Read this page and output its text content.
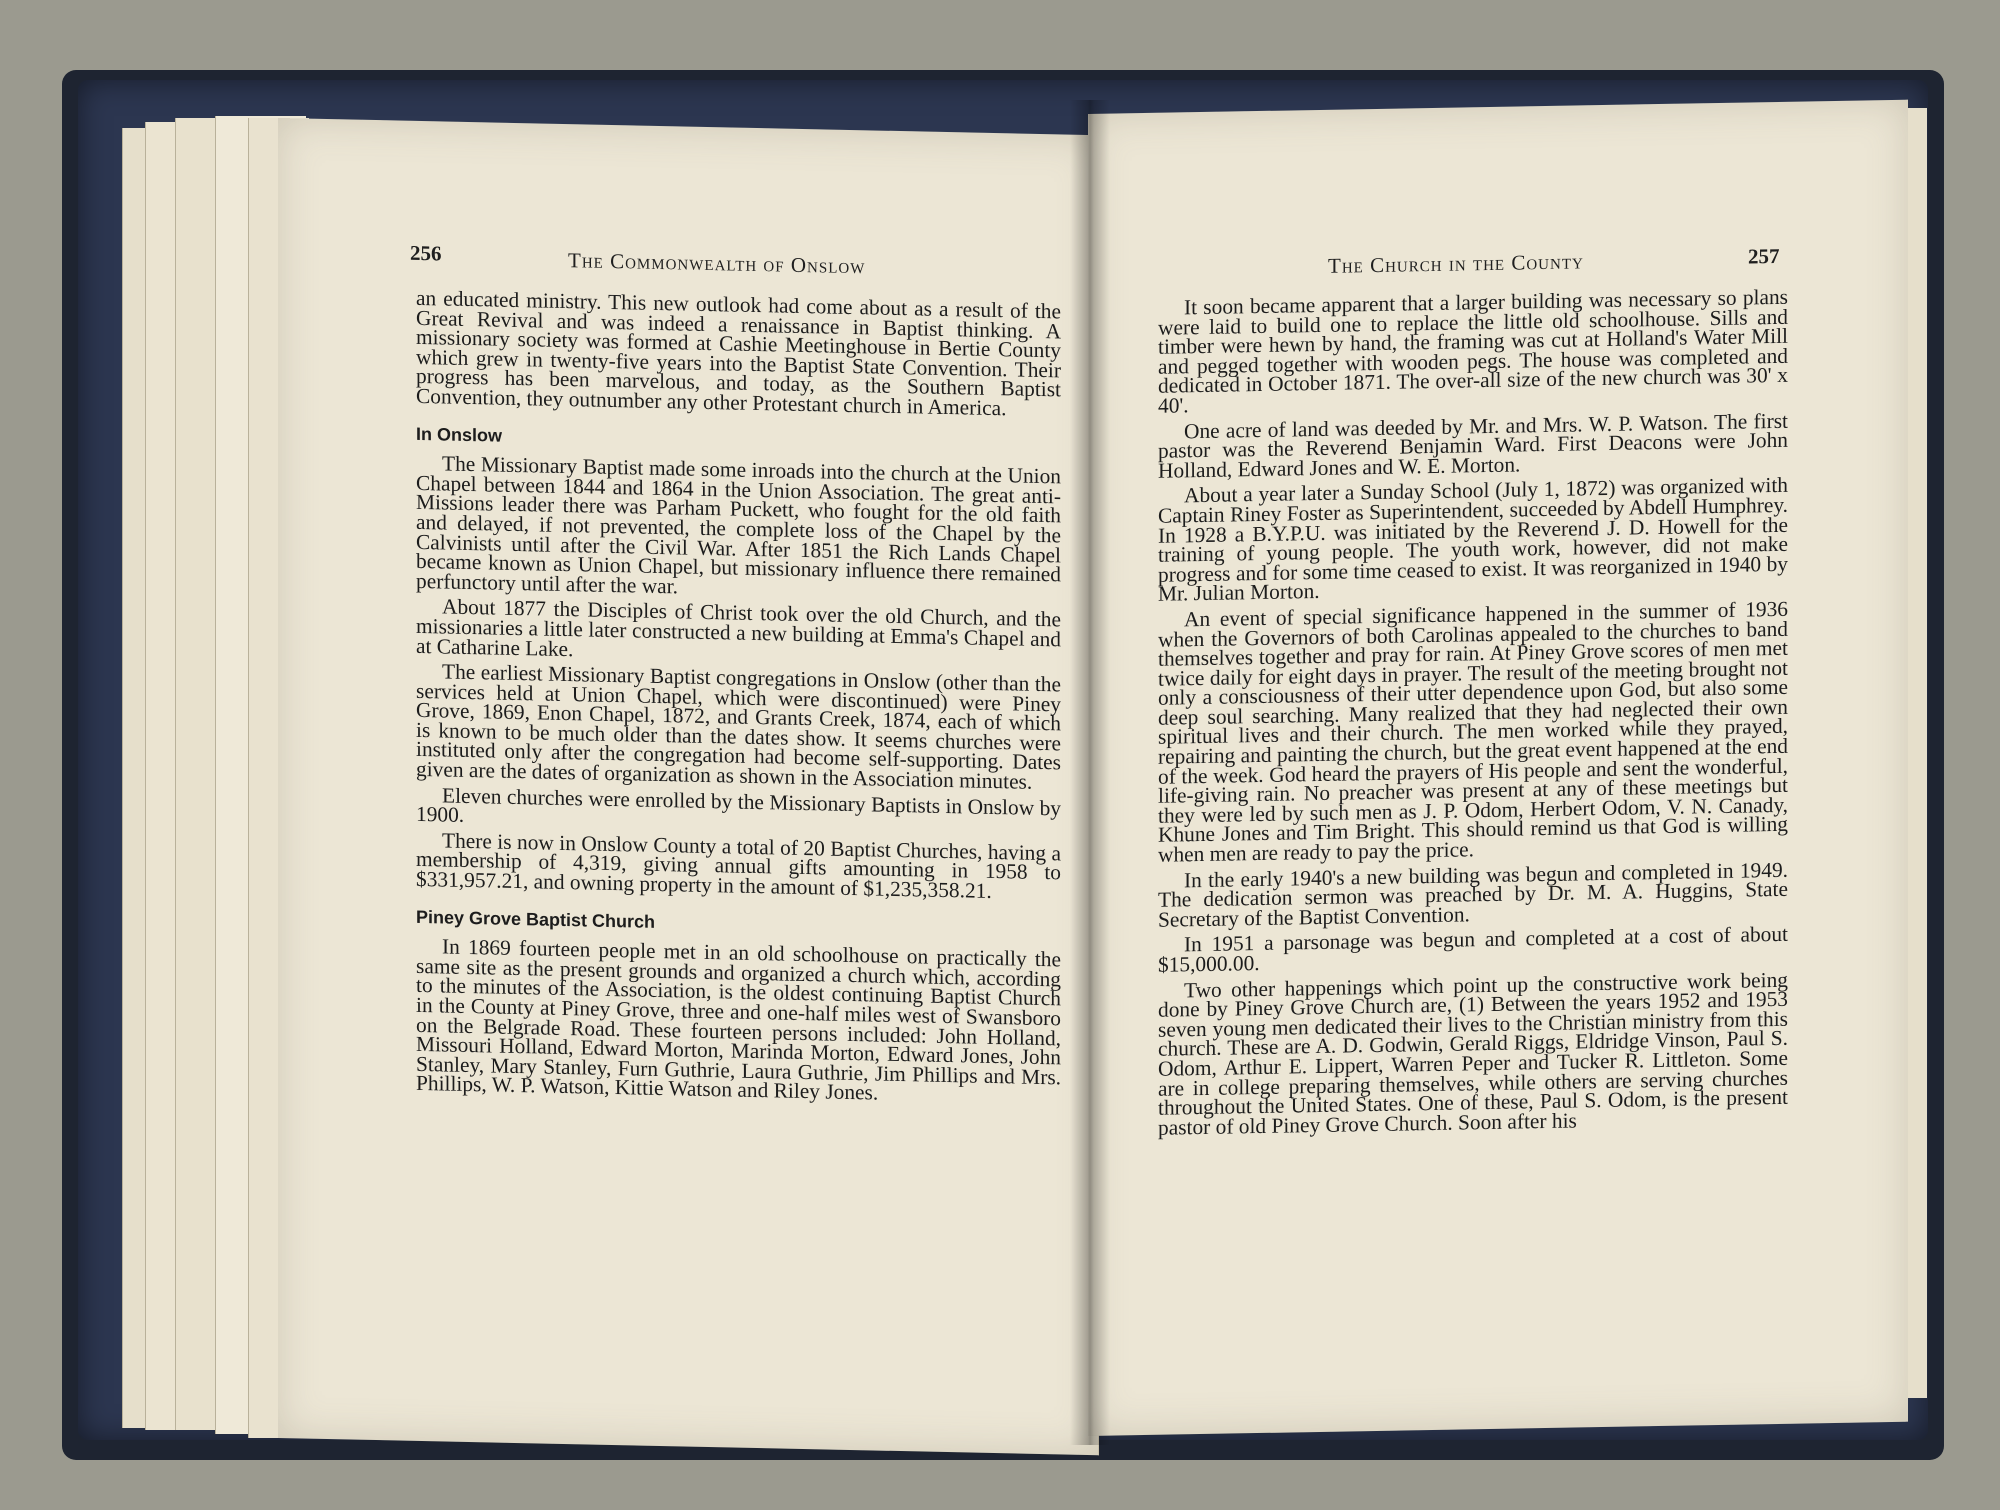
256	The Commonwealth of Onslow

an educated ministry. This new outlook had come about as a result of the Great Revival and was indeed a renaissance in Baptist thinking. A missionary society was formed at Cashie Meetinghouse in Bertie County which grew in twenty-five years into the Baptist State Convention. Their progress has been marvelous, and today, as the Southern Baptist Convention, they outnumber any other Protestant church in America.

In Onslow

The Missionary Baptist made some inroads into the church at the Union Chapel between 1844 and 1864 in the Union Association. The great anti-Missions leader there was Parham Puckett, who fought for the old faith and delayed, if not prevented, the complete loss of the Chapel by the Calvinists until after the Civil War. After 1851 the Rich Lands Chapel became known as Union Chapel, but missionary influence there remained perfunctory until after the war.

About 1877 the Disciples of Christ took over the old Church, and the missionaries a little later constructed a new building at Emma's Chapel and at Catharine Lake.

The earliest Missionary Baptist congregations in Onslow (other than the services held at Union Chapel, which were discontinued) were Piney Grove, 1869, Enon Chapel, 1872, and Grants Creek, 1874, each of which is known to be much older than the dates show. It seems churches were instituted only after the congregation had become self-supporting. Dates given are the dates of organization as shown in the Association minutes.

Eleven churches were enrolled by the Missionary Baptists in Onslow by 1900.

There is now in Onslow County a total of 20 Baptist Churches, having a membership of 4,319, giving annual gifts amounting in 1958 to $331,957.21, and owning property in the amount of $1,235,358.21.

Piney Grove Baptist Church

In 1869 fourteen people met in an old schoolhouse on practically the same site as the present grounds and organized a church which, according to the minutes of the Association, is the oldest continuing Baptist Church in the County at Piney Grove, three and one-half miles west of Swansboro on the Belgrade Road. These fourteen persons included: John Holland, Missouri Holland, Edward Morton, Marinda Morton, Edward Jones, John Stanley, Mary Stanley, Furn Guthrie, Laura Guthrie, Jim Phillips and Mrs. Phillips, W. P. Watson, Kittie Watson and Riley Jones.

The Church in the County	257

It soon became apparent that a larger building was necessary so plans were laid to build one to replace the little old schoolhouse. Sills and timber were hewn by hand, the framing was cut at Holland's Water Mill and pegged together with wooden pegs. The house was completed and dedicated in October 1871. The over-all size of the new church was 30' x 40'.

One acre of land was deeded by Mr. and Mrs. W. P. Watson. The first pastor was the Reverend Benjamin Ward. First Deacons were John Holland, Edward Jones and W. E. Morton.

About a year later a Sunday School (July 1, 1872) was organized with Captain Riney Foster as Superintendent, succeeded by Abdell Humphrey. In 1928 a B.Y.P.U. was initiated by the Reverend J. D. Howell for the training of young people. The youth work, however, did not make progress and for some time ceased to exist. It was reorganized in 1940 by Mr. Julian Morton.

An event of special significance happened in the summer of 1936 when the Governors of both Carolinas appealed to the churches to band themselves together and pray for rain. At Piney Grove scores of men met twice daily for eight days in prayer. The result of the meeting brought not only a consciousness of their utter dependence upon God, but also some deep soul searching. Many realized that they had neglected their own spiritual lives and their church. The men worked while they prayed, repairing and painting the church, but the great event happened at the end of the week. God heard the prayers of His people and sent the wonderful, life-giving rain. No preacher was present at any of these meetings but they were led by such men as J. P. Odom, Herbert Odom, V. N. Canady, Khune Jones and Tim Bright. This should remind us that God is willing when men are ready to pay the price.

In the early 1940's a new building was begun and completed in 1949. The dedication sermon was preached by Dr. M. A. Huggins, State Secretary of the Baptist Convention.

In 1951 a parsonage was begun and completed at a cost of about $15,000.00.

Two other happenings which point up the constructive work being done by Piney Grove Church are, (1) Between the years 1952 and 1953 seven young men dedicated their lives to the Christian ministry from this church. These are A. D. Godwin, Gerald Riggs, Eldridge Vinson, Paul S. Odom, Arthur E. Lippert, Warren Peper and Tucker R. Littleton. Some are in college preparing themselves, while others are serving churches throughout the United States. One of these, Paul S. Odom, is the present pastor of old Piney Grove Church. Soon after his
